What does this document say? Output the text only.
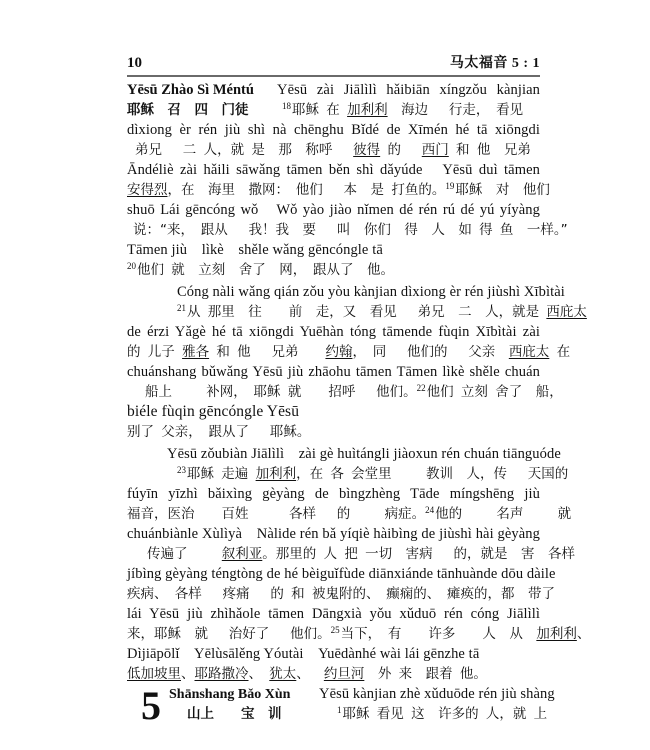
10	马太福音 5 : 1
Yēsū Zhào Sì Méntú Yēsū zài Jiālìlì hǎibiān xíngzǒu kànjian
耶稣　召　四　门徒	$^{18}$耶稣 在 加利利　海边　 行走，　看见
dìxiong èr rén jiù shì nà chēnghu Bǐdé de Xīmén hé tā xiōngdi
弟兄　 二 人，就 是　那　称呼　 彼得 的　 西门 和 他　兄弟
Āndéliè zài hǎili sāwǎng tāmen běn shì dǎyúde　Yēsū duì tāmen
安得烈，在　海里　撒网：　他们　 本　是 打鱼的。$^{19}$耶稣　对　他们
shuō Lái gēncóng wǒ　Wǒ yào jiào nǐmen dé rén rú dé yú yíyàng
说：“来，　跟从　 我！我　要　 叫　你们　得　人　如 得 鱼　一样。”
Tāmen jiù　lìkè　shěle wǎng gēncóngle tā
$^{20}$他们 就　立刻　舍了　网，　跟从了　他。
Cóng nàli wǎng qián zǒu yòu kànjian dìxiong èr rén jiùshì Xībìtài
$^{21}$从 那里　往　　前　走，又　看见　 弟兄　二　人，就是 西庇太
de érzi Yǎgè hé tā xiōngdi Yuēhàn tóng tāmende fùqin Xībìtài zài
的 儿子 雅各 和 他　 兄弟　　约翰，　同　 他们的　 父亲　西庇太 在
chuánshang bǔwǎng Yēsū jiù zhāohu tāmen Tāmen lìkè shěle chuán
船上　　 补网，　耶稣 就　　招呼　 他们。$^{22}$他们 立刻 舍了　船，
biéle fùqin gēncóngle Yēsū
别了 父亲，　跟从了　 耶稣。
Yēsū zǒubiàn Jiālìlì　zài gè huìtángli jiàoxun rén chuán tiānguóde
$^{23}$耶稣 走遍 加利利，在 各 会堂里　　 教训　人，传　 天国的
fúyīn yīzhì bǎixìng gèyàng de bìngzhèng Tāde míngshēng jiù
福音，医治　　百姓　　　各样　 的　　 病症。$^{24}$他的　　 名声　　 就
chuánbiànle Xùlìyà　Nàlide rén bǎ yíqiè hàibìng de jiùshì hài gèyàng
传遍了　　 叙利亚。那里的 人 把 一切　害病　 的，就是　害　各样
jíbìng gèyàng téngtòng de hé bèiguǐfùde diānxiánde tānhuànde dōu dàile
疾病、 各样　 疼痛　 的 和 被鬼附的、　癫痫的、　瘫痪的，都　带了
lái Yēsū jiù zhìhǎole tāmen Dāngxià yǒu xǔduō rén cóng Jiālìlì
来，耶稣　就　 治好了　 他们。$^{25}$当下，　有　　许多　　人　从　加利利、
Dìjiāpōlǐ　Yēlùsālěng Yóutài　Yuēdànhé wài lái gēnzhe tā
低加坡里、耶路撒冷、 犹太、　 约旦河　外 来　跟着 他。
5 Shānshang Bǎo Xùn Yēsū kànjian zhè xǔduōde rén jiù shàng
山上　　宝　训	$^1$耶稣 看见 这　许多的 人，就 上
